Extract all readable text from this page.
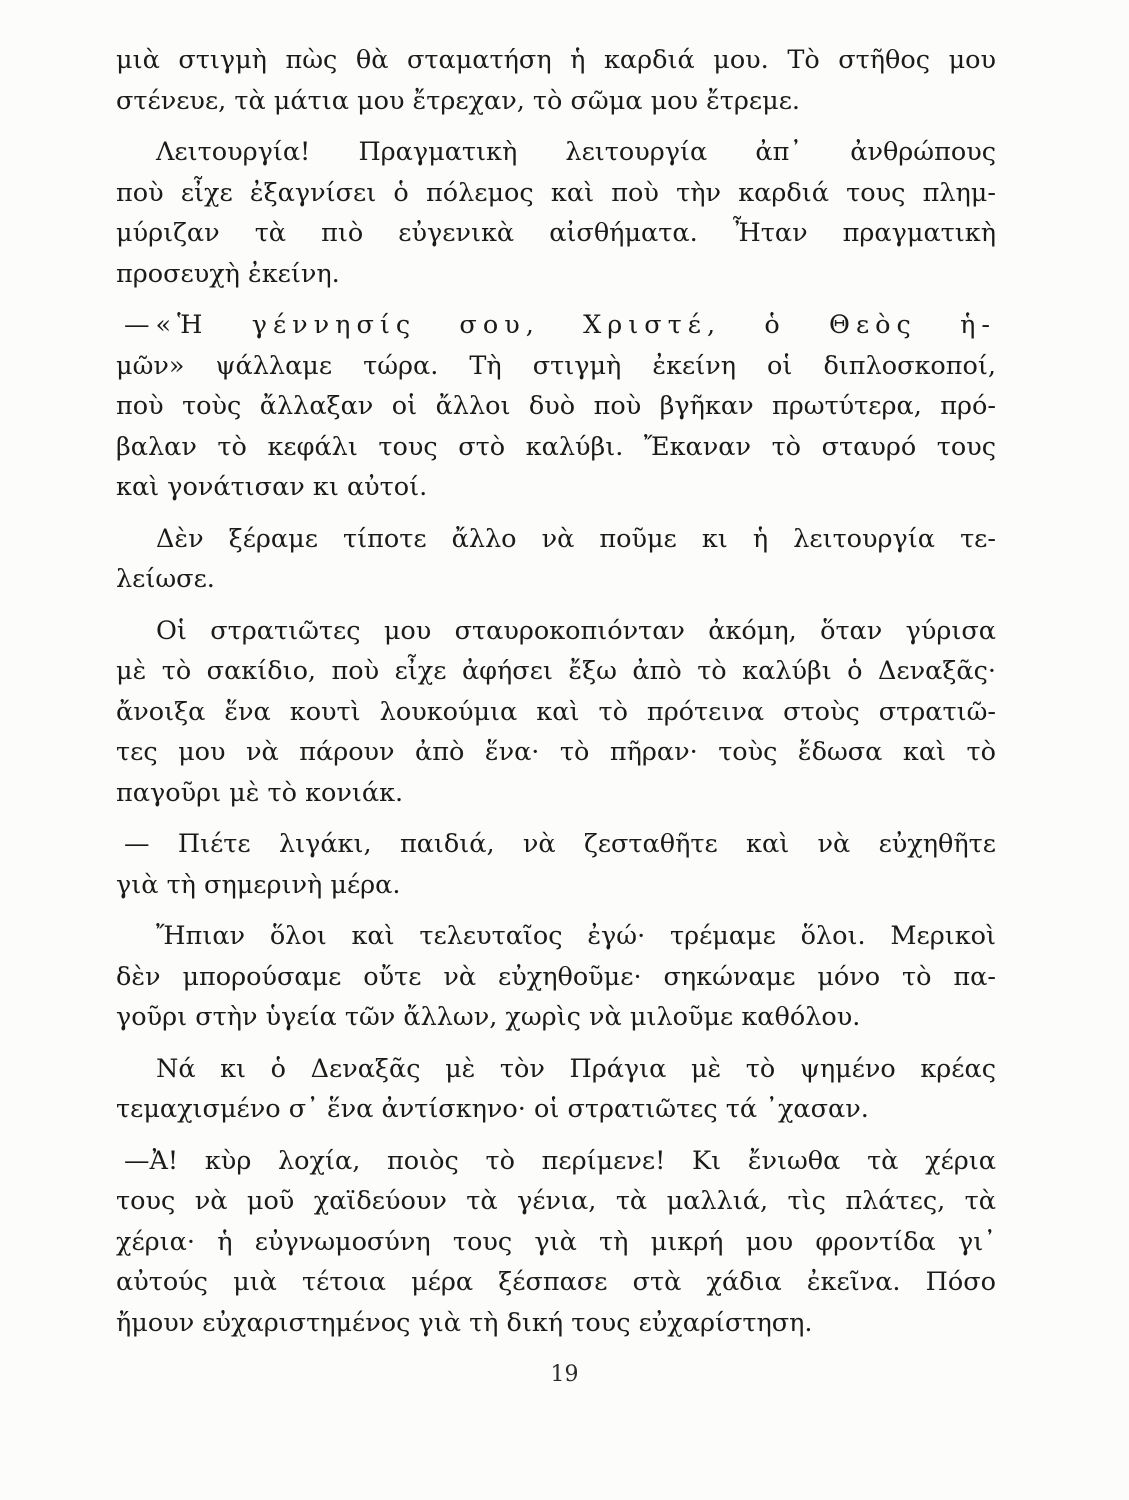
μιὰ στιγμὴ πὼς θὰ σταματήση ἡ καρδιά μου. Τὸ στῆθος μου
στένευε, τὰ μάτια μου ἔτρεχαν, τὸ σῶμα μου ἔτρεμε.
Λειτουργία! Πραγματικὴ λειτουργία ἀπ᾽ ἀνθρώπους
ποὺ εἶχε ἐξαγνίσει ὁ πόλεμος καὶ ποὺ τὴν καρδιά τους πλημ-
μύριζαν τὰ πιὸ εὐγενικὰ αἰσθήματα. Ἦταν πραγματικὴ
προσευχὴ ἐκείνη.
—«Ἡ γέννησίς σου, Χριστέ, ὁ Θεὸς ἡ-
μῶν» ψάλλαμε τώρα. Τὴ στιγμὴ ἐκείνη οἱ διπλοσκοποί,
ποὺ τοὺς ἄλλαξαν οἱ ἄλλοι δυὸ ποὺ βγῆκαν πρωτύτερα, πρό-
βαλαν τὸ κεφάλι τους στὸ καλύβι. Ἔκαναν τὸ σταυρό τους
καὶ γονάτισαν κι αὐτοί.
Δὲν ξέραμε τίποτε ἄλλο νὰ ποῦμε κι ἡ λειτουργία τε-
λείωσε.
Οἱ στρατιῶτες μου σταυροκοπιόνταν ἀκόμη, ὅταν γύρισα
μὲ τὸ σακίδιο, ποὺ εἶχε ἀφήσει ἔξω ἀπὸ τὸ καλύβι ὁ Δεναξᾶς·
ἄνοιξα ἕνα κουτὶ λουκούμια καὶ τὸ πρότεινα στοὺς στρατιῶ-
τες μου νὰ πάρουν ἀπὸ ἕνα· τὸ πῆραν· τοὺς ἔδωσα καὶ τὸ
παγοῦρι μὲ τὸ κονιάκ.
— Πιέτε λιγάκι, παιδιά, νὰ ζεσταθῆτε καὶ νὰ εὐχηθῆτε
γιὰ τὴ σημερινὴ μέρα.
Ἤπιαν ὅλοι καὶ τελευταῖος ἐγώ· τρέμαμε ὅλοι. Μερικοὶ
δὲν μπορούσαμε οὔτε νὰ εὐχηθοῦμε· σηκώναμε μόνο τὸ πα-
γοῦρι στὴν ὑγεία τῶν ἄλλων, χωρὶς νὰ μιλοῦμε καθόλου.
Νά κι ὁ Δεναξᾶς μὲ τὸν Πράγια μὲ τὸ ψημένο κρέας
τεμαχισμένο σ᾽ ἕνα ἀντίσκηνο· οἱ στρατιῶτες τά ᾽χασαν.
—Ἀ! κὺρ λοχία, ποιὸς τὸ περίμενε! Κι ἔνιωθα τὰ χέρια
τους νὰ μοῦ χαϊδεύουν τὰ γένια, τὰ μαλλιά, τὶς πλάτες, τὰ
χέρια· ἡ εὐγνωμοσύνη τους γιὰ τὴ μικρή μου φροντίδα γι᾽
αὐτούς μιὰ τέτοια μέρα ξέσπασε στὰ χάδια ἐκεῖνα. Πόσο
ἤμουν εὐχαριστημένος γιὰ τὴ δική τους εὐχαρίστηση.
19
